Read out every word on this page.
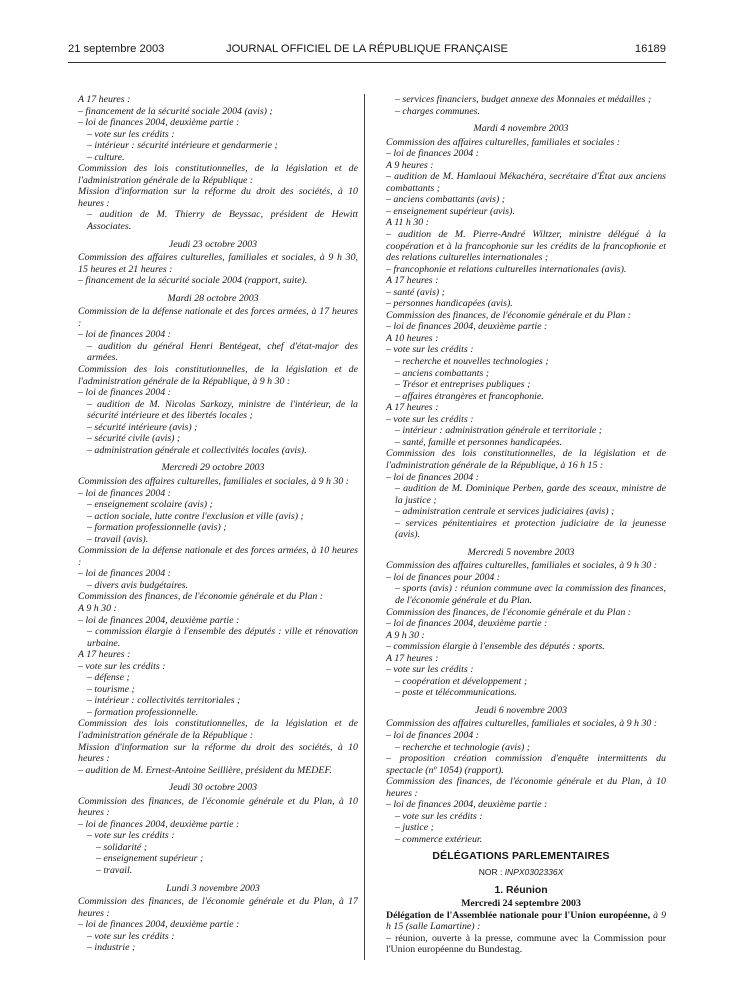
21 septembre 2003	JOURNAL OFFICIEL DE LA RÉPUBLIQUE FRANÇAISE	16189
A 17 heures :
– financement de la sécurité sociale 2004 (avis) ;
– loi de finances 2004, deuxième partie :
– vote sur les crédits :
– intérieur : sécurité intérieure et gendarmerie ;
– culture.
Commission des lois constitutionnelles, de la législation et de l'administration générale de la République :
Mission d'information sur la réforme du droit des sociétés, à 10 heures :
– audition de M. Thierry de Beyssac, président de Hewitt Associates.
Jeudi 23 octobre 2003
Commission des affaires culturelles, familiales et sociales, à 9 h 30, 15 heures et 21 heures :
– financement de la sécurité sociale 2004 (rapport, suite).
Mardi 28 octobre 2003
Commission de la défense nationale et des forces armées, à 17 heures :
– loi de finances 2004 :
– audition du général Henri Bentégeat, chef d'état-major des armées.
Commission des lois constitutionnelles, de la législation et de l'administration générale de la République, à 9 h 30 :
– loi de finances 2004 :
– audition de M. Nicolas Sarkozy, ministre de l'intérieur, de la sécurité intérieure et des libertés locales ;
– sécurité intérieure (avis) ;
– sécurité civile (avis) ;
– administration générale et collectivités locales (avis).
Mercredi 29 octobre 2003
Commission des affaires culturelles, familiales et sociales, à 9 h 30 :
– loi de finances 2004 :
– enseignement scolaire (avis) ;
– action sociale, lutte contre l'exclusion et ville (avis) ;
– formation professionnelle (avis) ;
– travail (avis).
Commission de la défense nationale et des forces armées, à 10 heures :
– loi de finances 2004 :
– divers avis budgétaires.
Commission des finances, de l'économie générale et du Plan :
A 9 h 30 :
– loi de finances 2004, deuxième partie :
– commission élargie à l'ensemble des députés : ville et rénovation urbaine.
A 17 heures :
– vote sur les crédits :
– défense ;
– tourisme ;
– intérieur : collectivités territoriales ;
– formation professionnelle.
Commission des lois constitutionnelles, de la législation et de l'administration générale de la République :
Mission d'information sur la réforme du droit des sociétés, à 10 heures :
– audition de M. Ernest-Antoine Seillière, président du MEDEF.
Jeudi 30 octobre 2003
Commission des finances, de l'économie générale et du Plan, à 10 heures :
– loi de finances 2004, deuxième partie :
– vote sur les crédits :
– solidarité ;
– enseignement supérieur ;
– travail.
Lundi 3 novembre 2003
Commission des finances, de l'économie générale et du Plan, à 17 heures :
– loi de finances 2004, deuxième partie :
– vote sur les crédits :
– industrie ;
– services financiers, budget annexe des Monnaies et médailles ;
– charges communes.
Mardi 4 novembre 2003
Commission des affaires culturelles, familiales et sociales :
– loi de finances 2004 :
A 9 heures :
– audition de M. Hamlaoui Mékachéra, secrétaire d'État aux anciens combattants ;
– anciens combattants (avis) ;
– enseignement supérieur (avis).
A 11 h 30 :
– audition de M. Pierre-André Wiltzer, ministre délégué à la coopération et à la francophonie sur les crédits de la francophonie et des relations culturelles internationales ;
– francophonie et relations culturelles internationales (avis).
A 17 heures :
– santé (avis) ;
– personnes handicapées (avis).
Commission des finances, de l'économie générale et du Plan :
– loi de finances 2004, deuxième partie :
A 10 heures :
– vote sur les crédits :
– recherche et nouvelles technologies ;
– anciens combattants ;
– Trésor et entreprises publiques ;
– affaires étrangères et francophonie.
A 17 heures :
– vote sur les crédits :
– intérieur : administration générale et territoriale ;
– santé, famille et personnes handicapées.
Commission des lois constitutionnelles, de la législation et de l'administration générale de la République, à 16 h 15 :
– loi de finances 2004 :
– audition de M. Dominique Perben, garde des sceaux, ministre de la justice ;
– administration centrale et services judiciaires (avis) ;
– services pénitentiaires et protection judiciaire de la jeunesse (avis).
Mercredi 5 novembre 2003
Commission des affaires culturelles, familiales et sociales, à 9 h 30 :
– loi de finances pour 2004 :
– sports (avis) : réunion commune avec la commission des finances, de l'économie générale et du Plan.
Commission des finances, de l'économie générale et du Plan :
– loi de finances 2004, deuxième partie :
A 9 h 30 :
– commission élargie à l'ensemble des députés : sports.
A 17 heures :
– vote sur les crédits :
– coopération et développement ;
– poste et télécommunications.
Jeudi 6 novembre 2003
Commission des affaires culturelles, familiales et sociales, à 9 h 30 :
– loi de finances 2004 :
– recherche et technologie (avis) ;
– proposition création commission d'enquête intermittents du spectacle (nº 1054) (rapport).
Commission des finances, de l'économie générale et du Plan, à 10 heures :
– loi de finances 2004, deuxième partie :
– vote sur les crédits :
– justice ;
– commerce extérieur.
DÉLÉGATIONS PARLEMENTAIRES
NOR : INPX0302336X
1. Réunion
Mercredi 24 septembre 2003
Délégation de l'Assemblée nationale pour l'Union européenne, à 9 h 15 (salle Lamartine) :
– réunion, ouverte à la presse, commune avec la Commission pour l'Union européenne du Bundestag.
